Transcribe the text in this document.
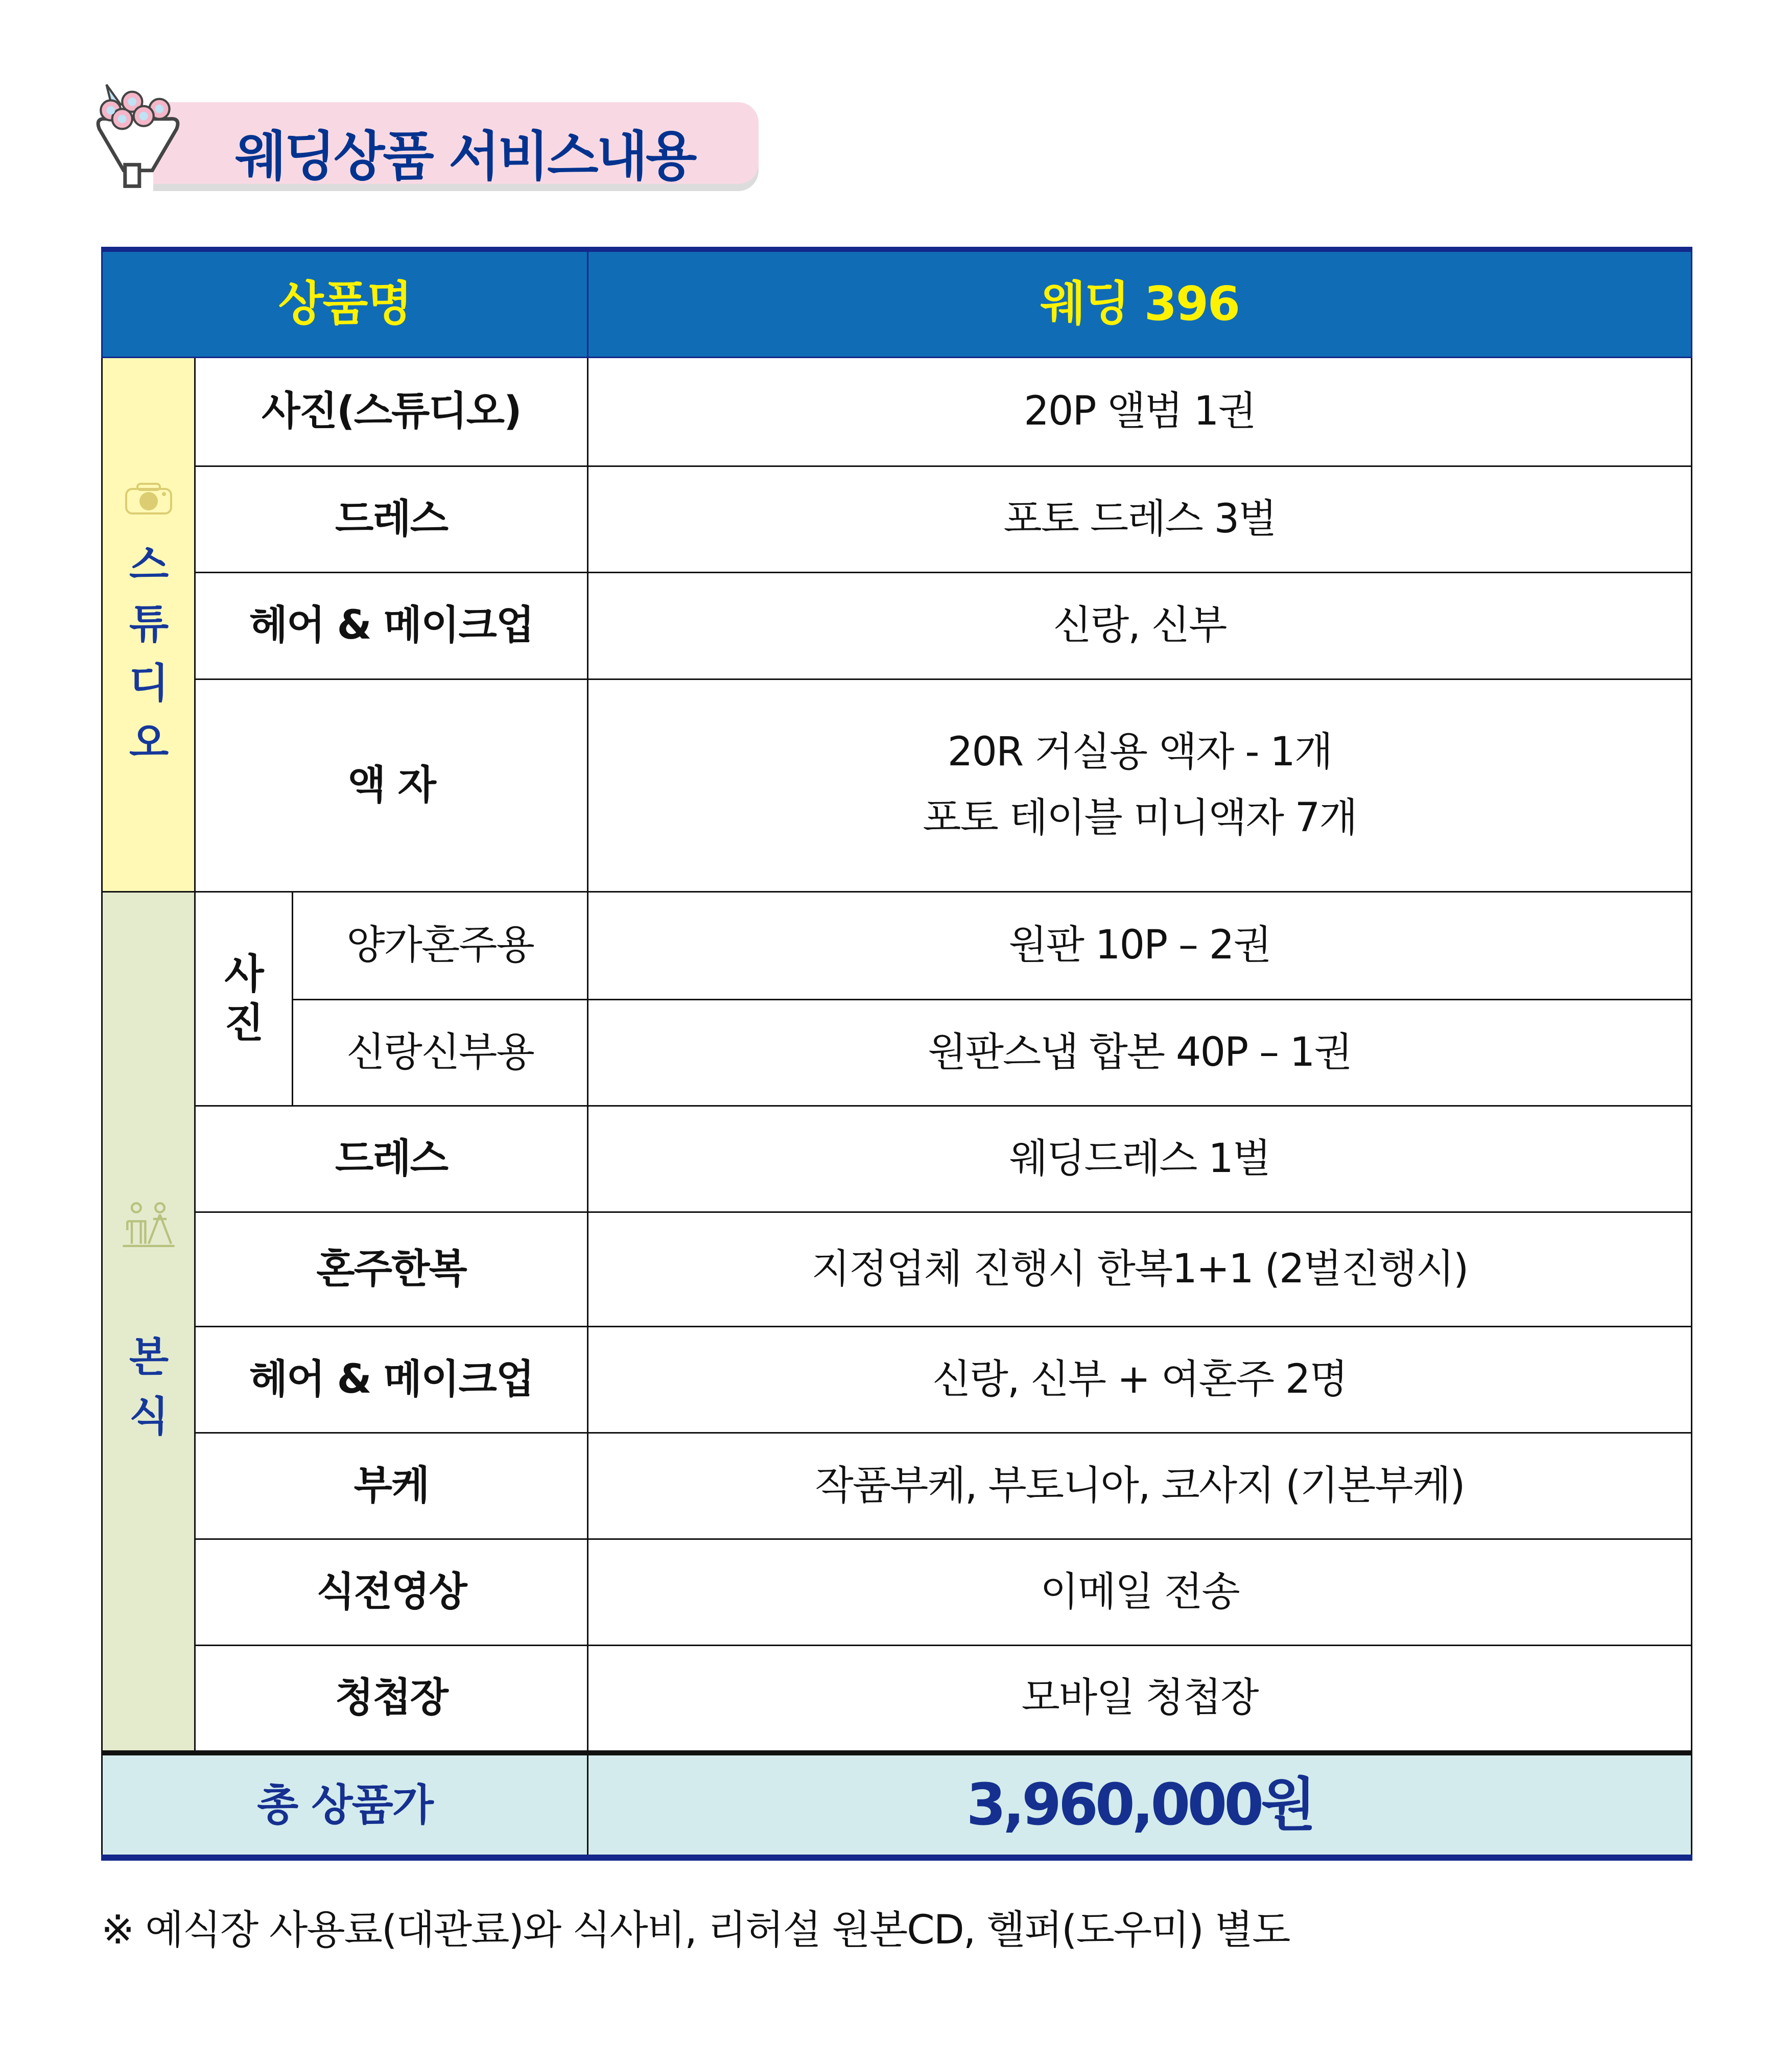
웨딩상품 서비스내용
상품명			웨딩 396

스
튜
디
오	사진(스튜디오)		20P 앨범 1권
	드레스		포토 드레스 3벌
	헤어 & 메이크업		신랑, 신부
	액 자		20R 거실용 액자 - 1개
포토 테이블 미니액자 7개

본
식	사
진	양가혼주용	원판 10P – 2권
		신랑신부용	원판스냅 합본 40P – 1권
	드레스		웨딩드레스 1벌
	혼주한복		지정업체 진행시 한복1+1 (2벌진행시)
	헤어 & 메이크업		신랑, 신부 + 여혼주 2명
	부케		작품부케, 부토니아, 코사지 (기본부케)
	식전영상		이메일 전송
	청첩장		모바일 청첩장
총 상품가			3,960,000원
※ 예식장 사용료(대관료)와 식사비, 리허설 원본CD, 헬퍼(도우미) 별도
